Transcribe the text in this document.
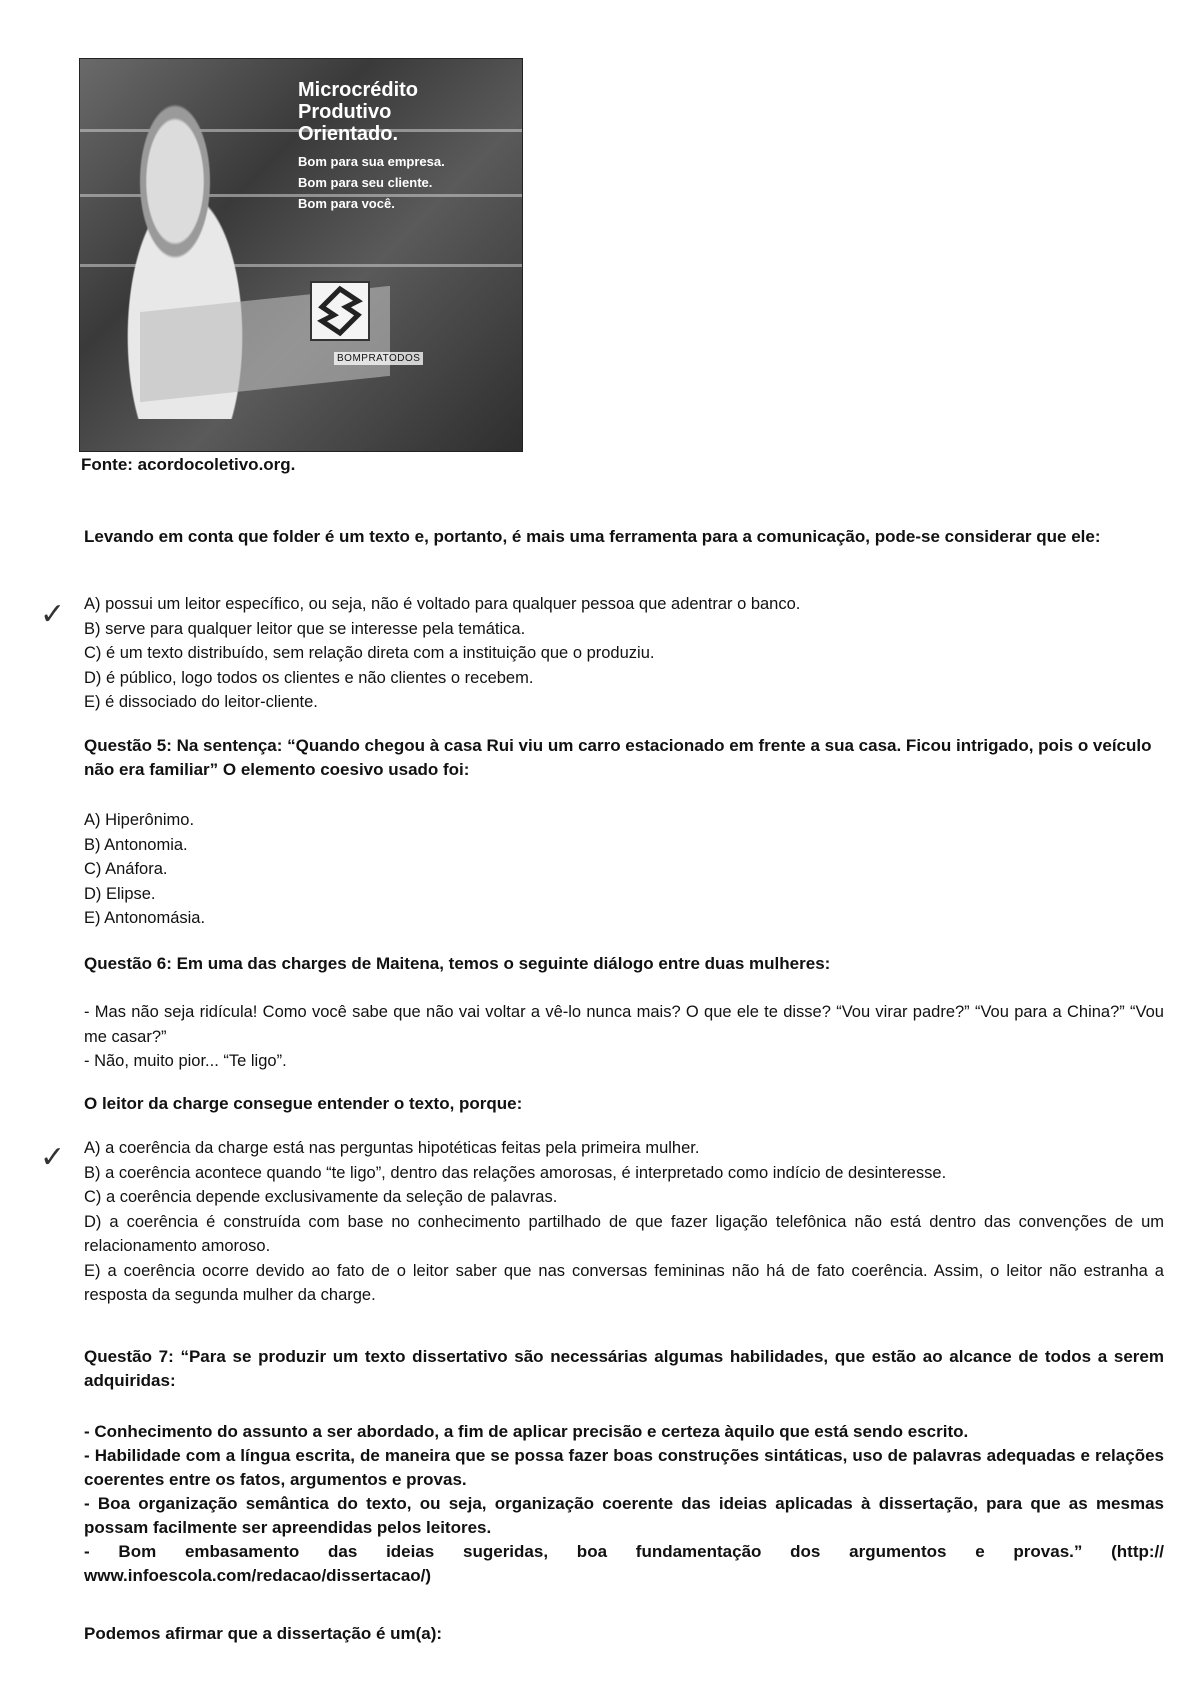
Microcrédito
Produtivo
Orientado.
Bom para sua empresa.
Bom para seu cliente.
Bom para você.
BOMPRATODOS
Fonte: acordocoletivo.org.

Levando em conta que folder é um texto e, portanto, é mais uma ferramenta para a comunicação, pode-se considerar que ele:

✓ A) possui um leitor específico, ou seja, não é voltado para qualquer pessoa que adentrar o banco.

B) serve para qualquer leitor que se interesse pela temática.

C) é um texto distribuído, sem relação direta com a instituição que o produziu.

D) é público, logo todos os clientes e não clientes o recebem.

E) é dissociado do leitor-cliente.

Questão 5: Na sentença: “Quando chegou à casa Rui viu um carro estacionado em frente a sua casa. Ficou intrigado, pois o veículo não era familiar” O elemento coesivo usado foi:

A) Hiperônimo.

B) Antonomia.

C) Anáfora.

D) Elipse.

E) Antonomásia.

Questão 6: Em uma das charges de Maitena, temos o seguinte diálogo entre duas mulheres:

- Mas não seja ridícula! Como você sabe que não vai voltar a vê-lo nunca mais? O que ele te disse? “Vou virar padre?” “Vou para a China?” “Vou me casar?”

- Não, muito pior... “Te ligo”.

O leitor da charge consegue entender o texto, porque:

✓ A) a coerência da charge está nas perguntas hipotéticas feitas pela primeira mulher.

B) a coerência acontece quando “te ligo”, dentro das relações amorosas, é interpretado como indício de desinteresse.

C) a coerência depende exclusivamente da seleção de palavras.

D) a coerência é construída com base no conhecimento partilhado de que fazer ligação telefônica não está dentro das convenções de um relacionamento amoroso.

E) a coerência ocorre devido ao fato de o leitor saber que nas conversas femininas não há de fato coerência. Assim, o leitor não estranha a resposta da segunda mulher da charge.

Questão 7: “Para se produzir um texto dissertativo são necessárias algumas habilidades, que estão ao alcance de todos a serem adquiridas:

- Conhecimento do assunto a ser abordado, a fim de aplicar precisão e certeza àquilo que está sendo escrito.

- Habilidade com a língua escrita, de maneira que se possa fazer boas construções sintáticas, uso de palavras adequadas e relações coerentes entre os fatos, argumentos e provas.

- Boa organização semântica do texto, ou seja, organização coerente das ideias aplicadas à dissertação, para que as mesmas possam facilmente ser apreendidas pelos leitores.

- Bom embasamento das ideias sugeridas, boa fundamentação dos argumentos e provas.” (http:// www.infoescola.com/redacao/dissertacao/)

Podemos afirmar que a dissertação é um(a):
